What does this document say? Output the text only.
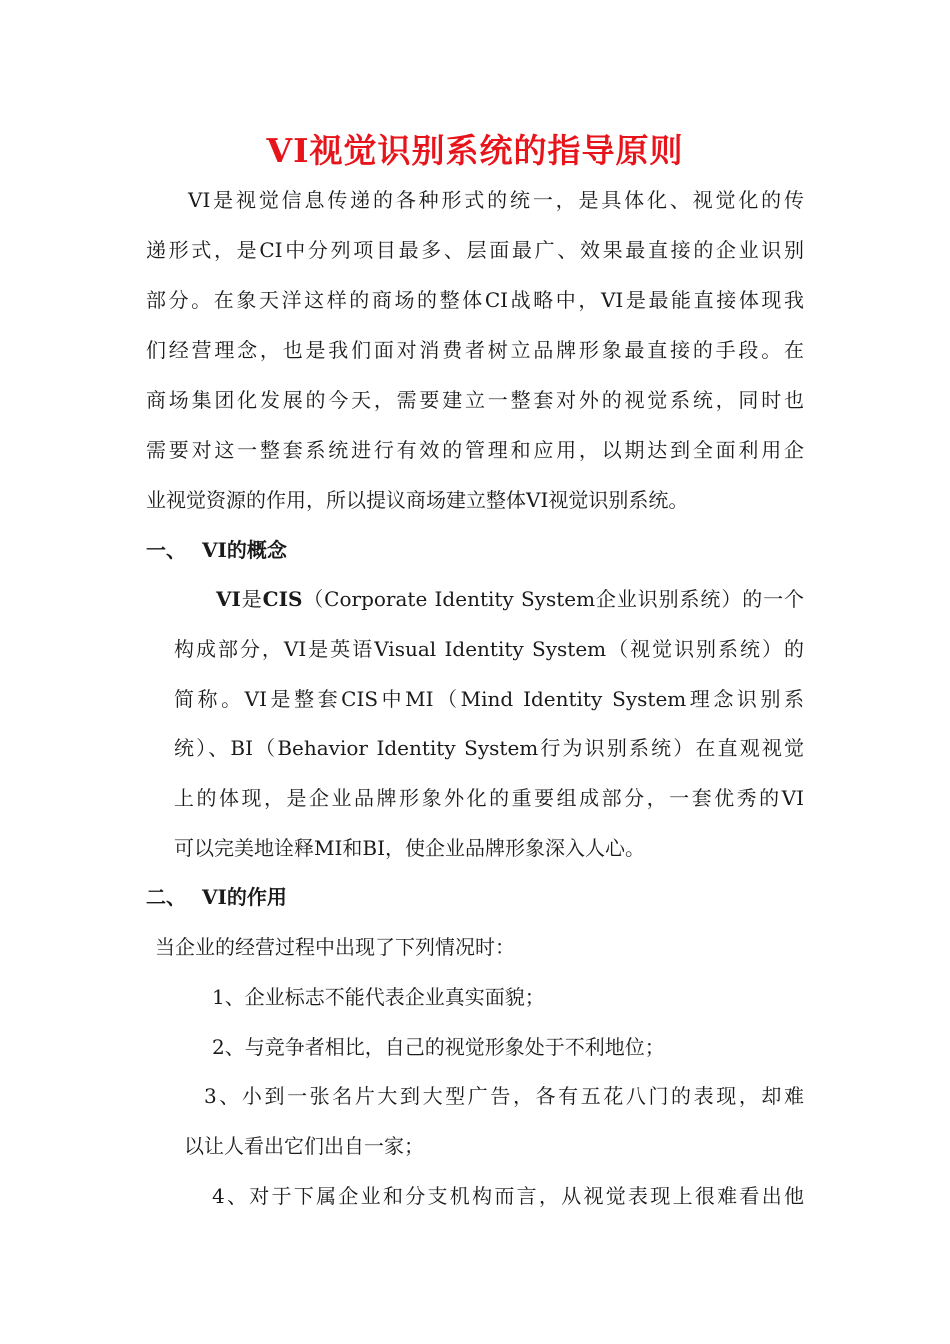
VI视觉识别系统的指导原则
VI是视觉信息传递的各种形式的统一，是具体化、视觉化的传
递形式，是CI中分列项目最多、层面最广、效果最直接的企业识别
部分。在象天洋这样的商场的整体CI战略中，VI是最能直接体现我
们经营理念，也是我们面对消费者树立品牌形象最直接的手段。在
商场集团化发展的今天，需要建立一整套对外的视觉系统，同时也
需要对这一整套系统进行有效的管理和应用，以期达到全面利用企
业视觉资源的作用，所以提议商场建立整体VI视觉识别系统。
一、 VI的概念
VI是CIS（Corporate Identity System企业识别系统）的一个
构成部分，VI是英语Visual Identity System（视觉识别系统）的
简称。VI是整套CIS中MI（Mind Identity System理念识别系
统）、BI（Behavior Identity System行为识别系统）在直观视觉
上的体现，是企业品牌形象外化的重要组成部分，一套优秀的VI
可以完美地诠释MI和BI，使企业品牌形象深入人心。
二、 VI的作用
当企业的经营过程中出现了下列情况时：
1、企业标志不能代表企业真实面貌；
2、与竞争者相比，自己的视觉形象处于不利地位；
3、小到一张名片大到大型广告，各有五花八门的表现，却难
以让人看出它们出自一家；
4、对于下属企业和分支机构而言，从视觉表现上很难看出他
